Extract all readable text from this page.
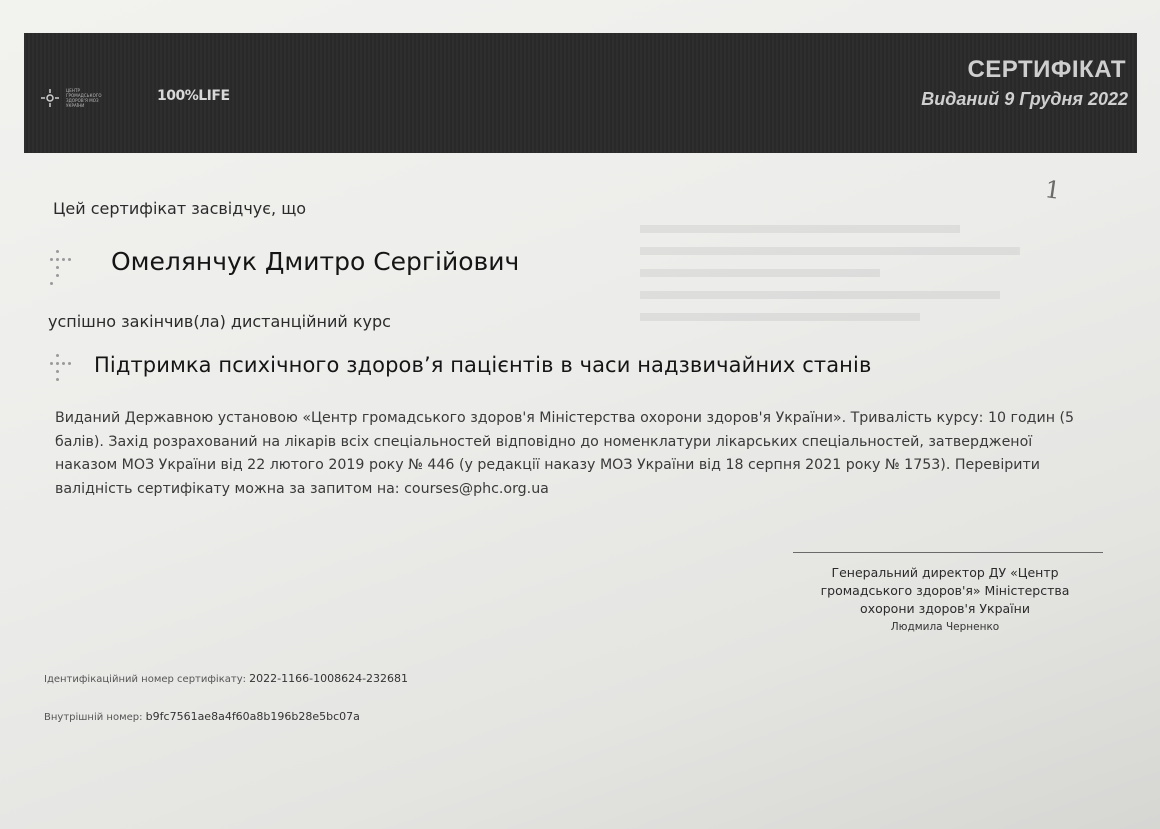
ЦЕНТР ГРОМАДСЬКОГО ЗДОРОВ'Я МОЗ УКРАЇНИ
100%LIFE
СЕРТИФІКАТ
Виданий 9 Грудня 2022
1
Цей сертифікат засвідчує, що
Омелянчук Дмитро Сергійович
успішно закінчив(ла) дистанційний курс
Підтримка психічного здоров’я пацієнтів в часи надзвичайних станів
Виданий Державною установою «Центр громадського здоров'я Міністерства охорони здоров'я України». Тривалість курсу: 10 годин (5 балів). Захід розрахований на лікарів всіх спеціальностей відповідно до номенклатури лікарських спеціальностей, затвердженої наказом МОЗ України від 22 лютого 2019 року № 446 (у редакції наказу МОЗ України від 18 серпня 2021 року № 1753). Перевірити валідність сертифікату можна за запитом на: courses@phc.org.ua
Генеральний директор ДУ «Центр громадського здоров'я» Міністерства охорони здоров'я України
Людмила Черненко
Ідентифікаційний номер сертифікату: 2022-1166-1008624-232681
Внутрішній номер: b9fc7561ae8a4f60a8b196b28e5bc07a
